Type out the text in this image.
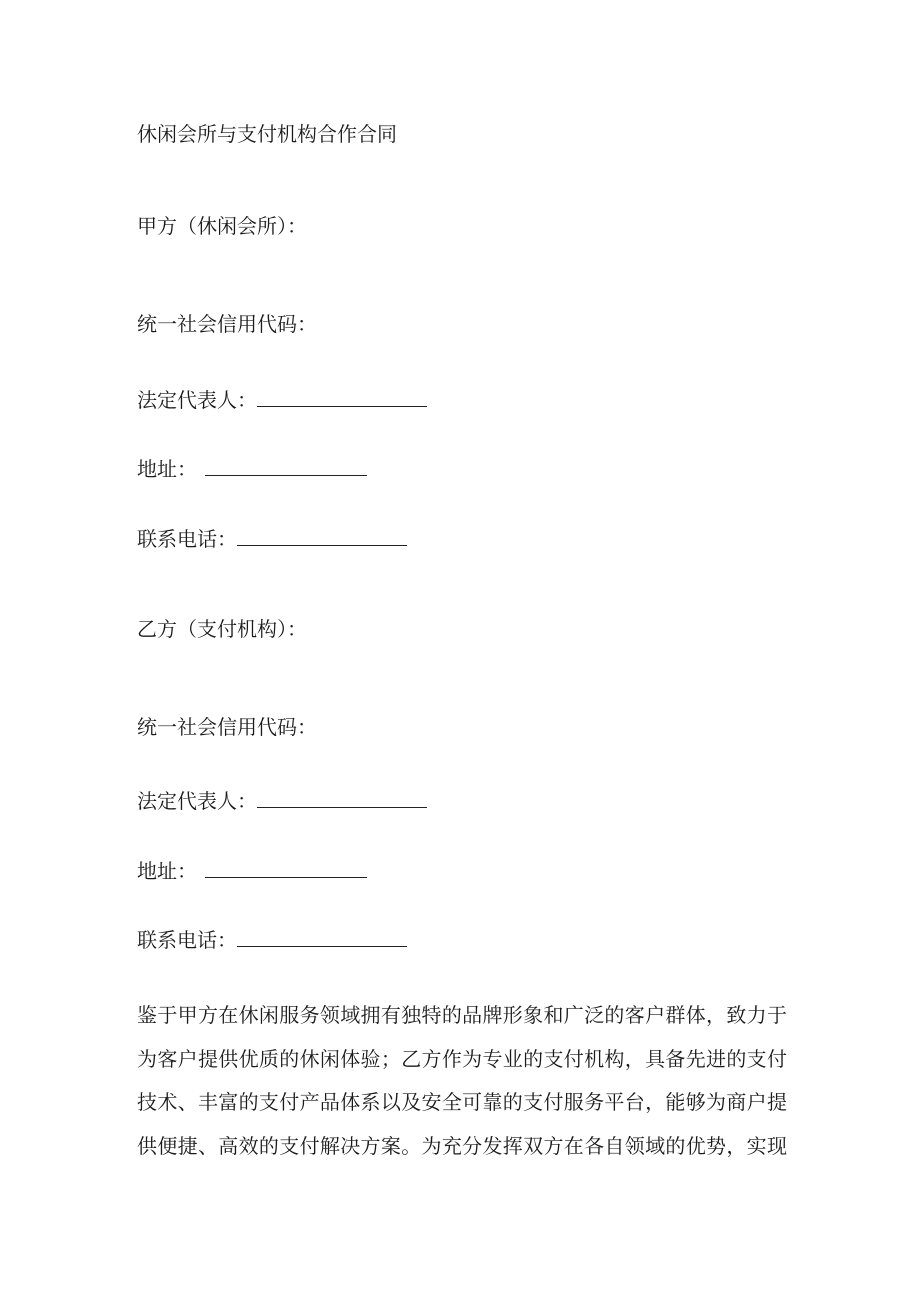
休闲会所与支付机构合作合同
甲方（休闲会所）：
统一社会信用代码：
法定代表人：
地址：
联系电话：
乙方（支付机构）：
统一社会信用代码：
法定代表人：
地址：
联系电话：
鉴于甲方在休闲服务领域拥有独特的品牌形象和广泛的客户群体，致力于
为客户提供优质的休闲体验；乙方作为专业的支付机构，具备先进的支付
技术、丰富的支付产品体系以及安全可靠的支付服务平台，能够为商户提
供便捷、高效的支付解决方案。为充分发挥双方在各自领域的优势，实现
